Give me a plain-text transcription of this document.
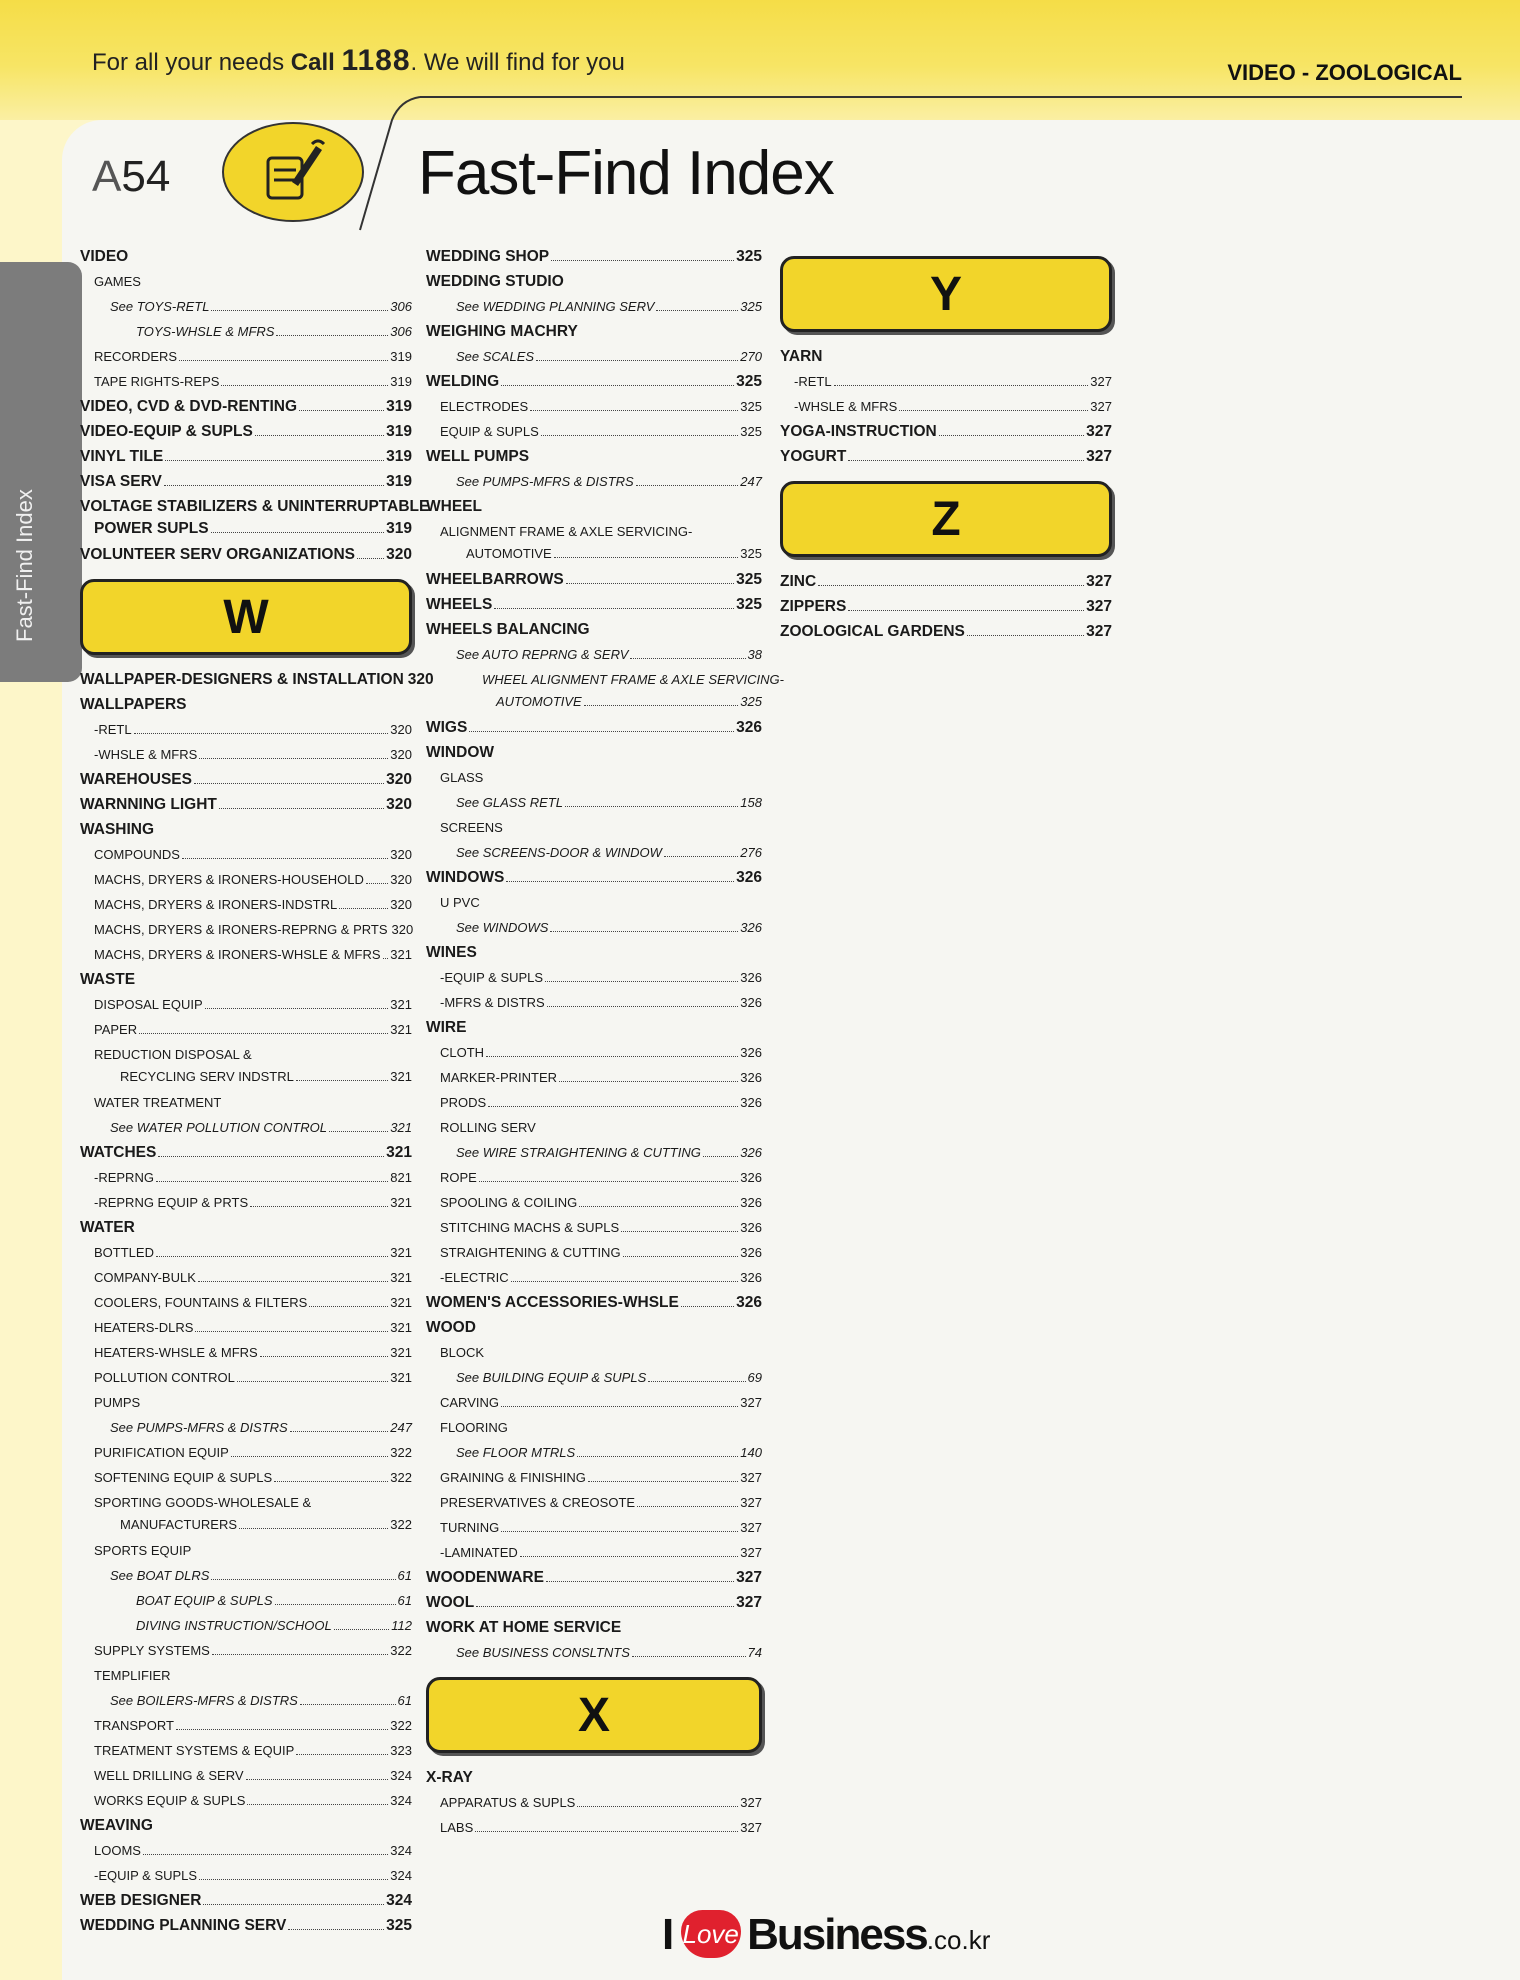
For all your needs Call 1188. We will find for you	VIDEO - ZOOLOGICAL
A54	Fast-Find Index
Fast-Find Index
VIDEO
GAMES
See TOYS-RETL	306
TOYS-WHSLE & MFRS	306
RECORDERS	319
TAPE RIGHTS-REPS	319
VIDEO, CVD & DVD-RENTING	319
VIDEO-EQUIP & SUPLS	319
VINYL TILE	319
VISA SERV	319
VOLTAGE STABILIZERS & UNINTERRUPTABLE
POWER SUPLS	319
VOLUNTEER SERV ORGANIZATIONS 320
W
WALLPAPER-DESIGNERS & INSTALLATION 320
WALLPAPERS
-RETL	320
-WHSLE & MFRS	320
WAREHOUSES	320
WARNNING LIGHT	320
WASHING
COMPOUNDS	320
MACHS, DRYERS & IRONERS-HOUSEHOLD 320
MACHS, DRYERS & IRONERS-INDSTRL	320
MACHS, DRYERS & IRONERS-REPRNG & PRTS 320
MACHS, DRYERS & IRONERS-WHSLE & MFRS 321
WASTE
DISPOSAL EQUIP	321
PAPER	321
REDUCTION DISPOSAL &
RECYCLING SERV INDSTRL	321
WATER TREATMENT
See WATER POLLUTION CONTROL	321
WATCHES	321
-REPRNG	821
-REPRNG EQUIP & PRTS	321
WATER
BOTTLED	321
COMPANY-BULK	321
COOLERS, FOUNTAINS & FILTERS	321
HEATERS-DLRS	321
HEATERS-WHSLE & MFRS	321
POLLUTION CONTROL	321
PUMPS
See PUMPS-MFRS & DISTRS	247
PURIFICATION EQUIP	322
SOFTENING EQUIP & SUPLS	322
SPORTING GOODS-WHOLESALE &
MANUFACTURERS	322
SPORTS EQUIP
See BOAT DLRS	61
BOAT EQUIP & SUPLS	61
DIVING INSTRUCTION/SCHOOL	112
SUPPLY SYSTEMS	322
TEMPLIFIER
See BOILERS-MFRS & DISTRS	61
TRANSPORT	322
TREATMENT SYSTEMS & EQUIP	323
WELL DRILLING & SERV	324
WORKS EQUIP & SUPLS	324
WEAVING
LOOMS	324
-EQUIP & SUPLS	324
WEB DESIGNER	324
WEDDING PLANNING SERV	325
WEDDING SHOP	325
WEDDING STUDIO
See WEDDING PLANNING SERV	325
WEIGHING MACHRY
See SCALES	270
WELDING	325
ELECTRODES	325
EQUIP & SUPLS	325
WELL PUMPS
See PUMPS-MFRS & DISTRS	247
WHEEL
ALIGNMENT FRAME & AXLE SERVICING-
AUTOMOTIVE	325
WHEELBARROWS	325
WHEELS	325
WHEELS BALANCING
See AUTO REPRNG & SERV	38
WHEEL ALIGNMENT FRAME & AXLE SERVICING-
AUTOMOTIVE	325
WIGS	326
WINDOW
GLASS
See GLASS RETL	158
SCREENS
See SCREENS-DOOR & WINDOW	276
WINDOWS	326
U PVC
See WINDOWS	326
WINES
-EQUIP & SUPLS	326
-MFRS & DISTRS	326
WIRE
CLOTH	326
MARKER-PRINTER	326
PRODS	326
ROLLING SERV
See WIRE STRAIGHTENING & CUTTING	326
ROPE	326
SPOOLING & COILING	326
STITCHING MACHS & SUPLS	326
STRAIGHTENING & CUTTING	326
-ELECTRIC	326
WOMEN'S ACCESSORIES-WHSLE	326
WOOD
BLOCK
See BUILDING EQUIP & SUPLS	69
CARVING	327
FLOORING
See FLOOR MTRLS	140
GRAINING & FINISHING	327
PRESERVATIVES & CREOSOTE	327
TURNING	327
-LAMINATED	327
WOODENWARE	327
WOOL	327
WORK AT HOME SERVICE
See BUSINESS CONSLTNTS	74
X
X-RAY
APPARATUS & SUPLS	327
LABS	327
Y
YARN
-RETL	327
-WHSLE & MFRS	327
YOGA-INSTRUCTION	327
YOGURT	327
Z
ZINC	327
ZIPPERS	327
ZOOLOGICAL GARDENS	327
I Love Business.co.kr
